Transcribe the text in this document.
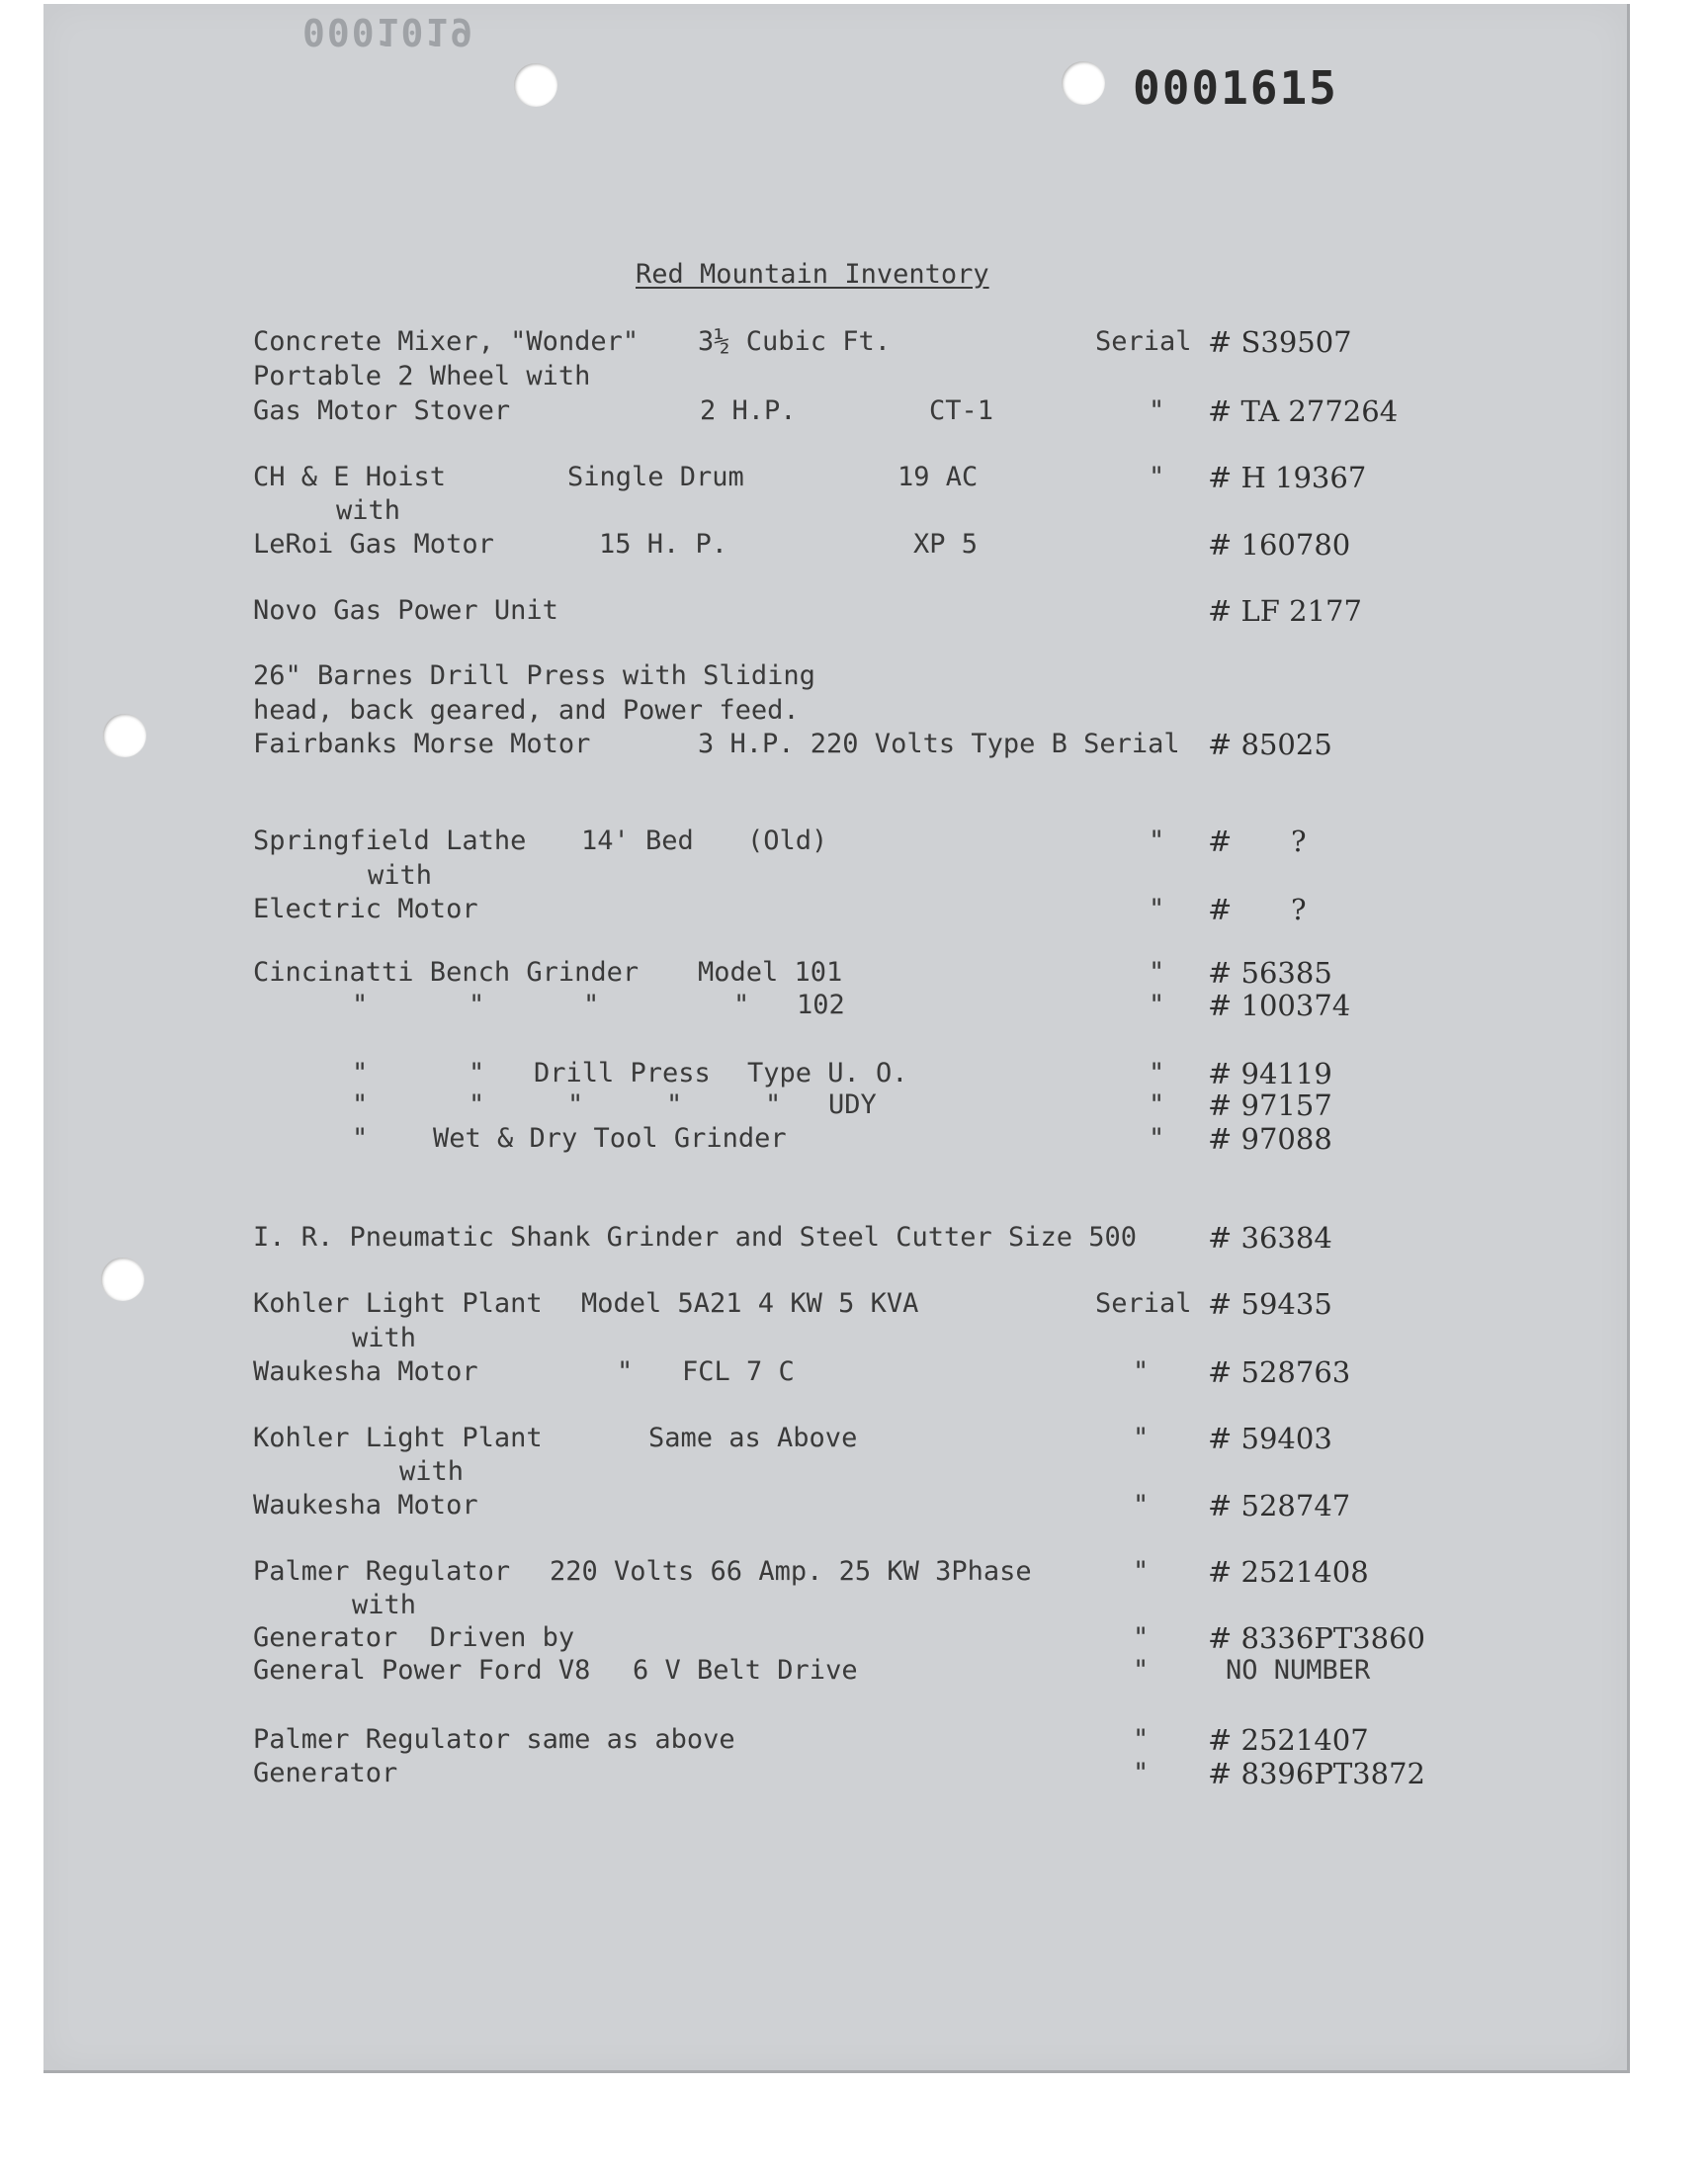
0001019
0001615
Red Mountain Inventory
Concrete Mixer, "Wonder" 3½ Cubic Ft.	Serial # S39507
Portable 2 Wheel with
Gas Motor Stover	2 H.P.	CT-1	" # TA 277264
CH & E Hoist	Single Drum	19 AC	" # H 19367
with
LeRoi Gas Motor	15 H. P.	XP 5	# 160780
Novo Gas Power Unit	# LF 2177
26" Barnes Drill Press with Sliding
head, back geared, and Power feed.
Fairbanks Morse Motor	3 H.P. 220 Volts Type B Serial # 85025
Springfield Lathe 14' Bed (Old)	" # ?
with
Electric Motor	" # ?
Cincinatti Bench Grinder Model 101	" # 56385
"	"	"	" 102	" # 100374
"	" Drill Press Type U. O.	" # 94119
"	"	"	"	" UDY	" # 97157
" Wet & Dry Tool Grinder	" # 97088
I. R. Pneumatic Shank Grinder and Steel Cutter Size 500 # 36384
Kohler Light Plant Model 5A21 4 KW 5 KVA	Serial # 59435
with
Waukesha Motor	" FCL 7 C	" # 528763
Kohler Light Plant	Same as Above	" # 59403
with
Waukesha Motor	" # 528747
Palmer Regulator 220 Volts 66 Amp. 25 KW 3Phase	" # 2521408
with
Generator  Driven by	" # 8336PT3860
General Power Ford V8 6 V Belt Drive	"	NO NUMBER
Palmer Regulator same as above	" # 2521407
Generator	" # 8396PT3872
